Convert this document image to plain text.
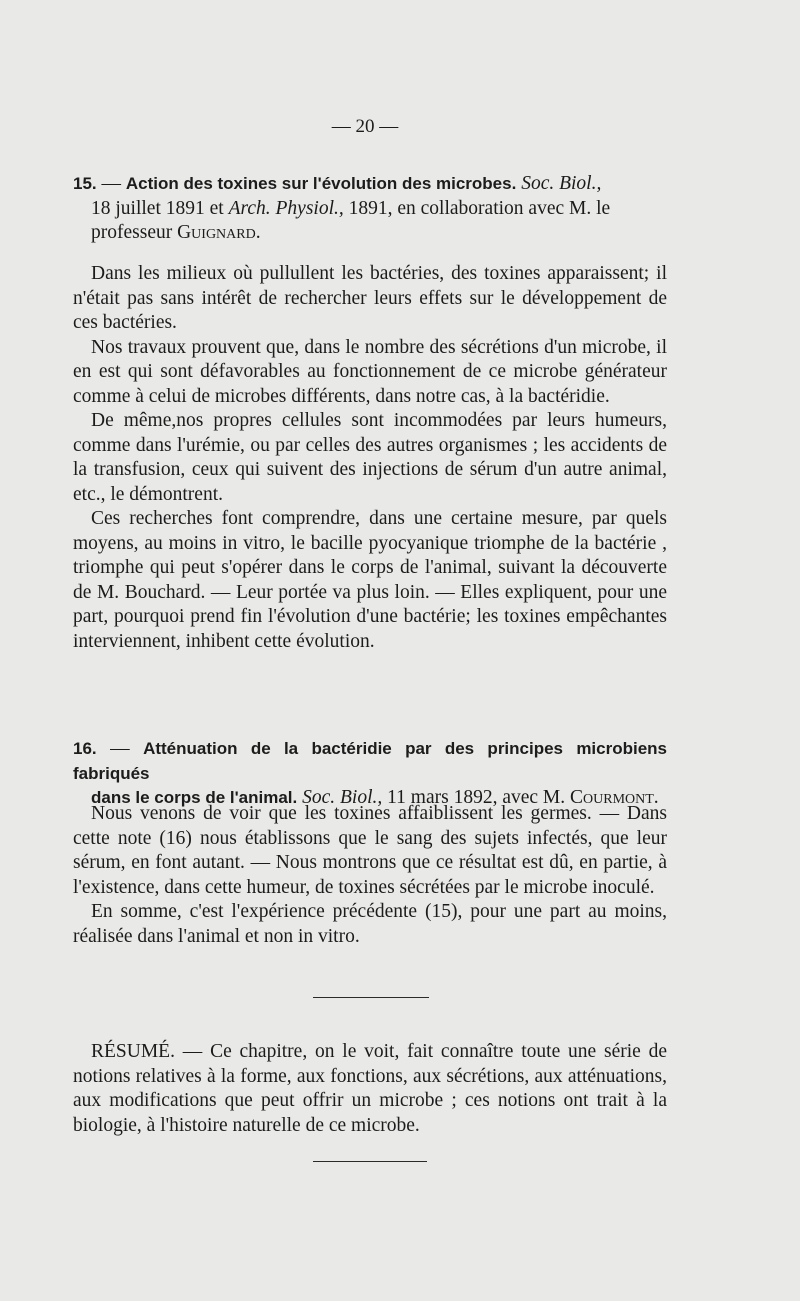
— 20 —
15. — Action des toxines sur l'évolution des microbes. Soc. Biol.,
18 juillet 1891 et Arch. Physiol., 1891, en collaboration avec M. le
professeur Guignard.

Dans les milieux où pullullent les bactéries, des toxines apparaissent; il n'était pas sans intérêt de rechercher leurs effets sur le développement de ces bactéries.

Nos travaux prouvent que, dans le nombre des sécrétions d'un microbe, il en est qui sont défavorables au fonctionnement de ce microbe générateur comme à celui de microbes différents, dans notre cas, à la bactéridie.

De même,nos propres cellules sont incommodées par leurs humeurs, comme dans l'urémie, ou par celles des autres organismes ; les accidents de la transfusion, ceux qui suivent des injections de sérum d'un autre animal, etc., le démontrent.

Ces recherches font comprendre, dans une certaine mesure, par quels moyens, au moins in vitro, le bacille pyocyanique triomphe de la bactérie , triomphe qui peut s'opérer dans le corps de l'animal, suivant la découverte de M. Bouchard. — Leur portée va plus loin. — Elles expliquent, pour une part, pourquoi prend fin l'évolution d'une bactérie; les toxines empêchantes interviennent, inhibent cette évolution.

16. — Atténuation de la bactéridie par des principes microbiens fabriqués
dans le corps de l'animal. Soc. Biol., 11 mars 1892, avec M. Courmont.

Nous venons de voir que les toxines affaiblissent les germes. — Dans cette note (16) nous établissons que le sang des sujets infectés, que leur sérum, en font autant. — Nous montrons que ce résultat est dû, en partie, à l'existence, dans cette humeur, de toxines sécrétées par le microbe inoculé.

En somme, c'est l'expérience précédente (15), pour une part au moins, réalisée dans l'animal et non in vitro.

RÉSUMÉ. — Ce chapitre, on le voit, fait connaître toute une série de notions relatives à la forme, aux fonctions, aux sécrétions, aux atténuations, aux modifications que peut offrir un microbe ; ces notions ont trait à la biologie, à l'histoire naturelle de ce microbe.
